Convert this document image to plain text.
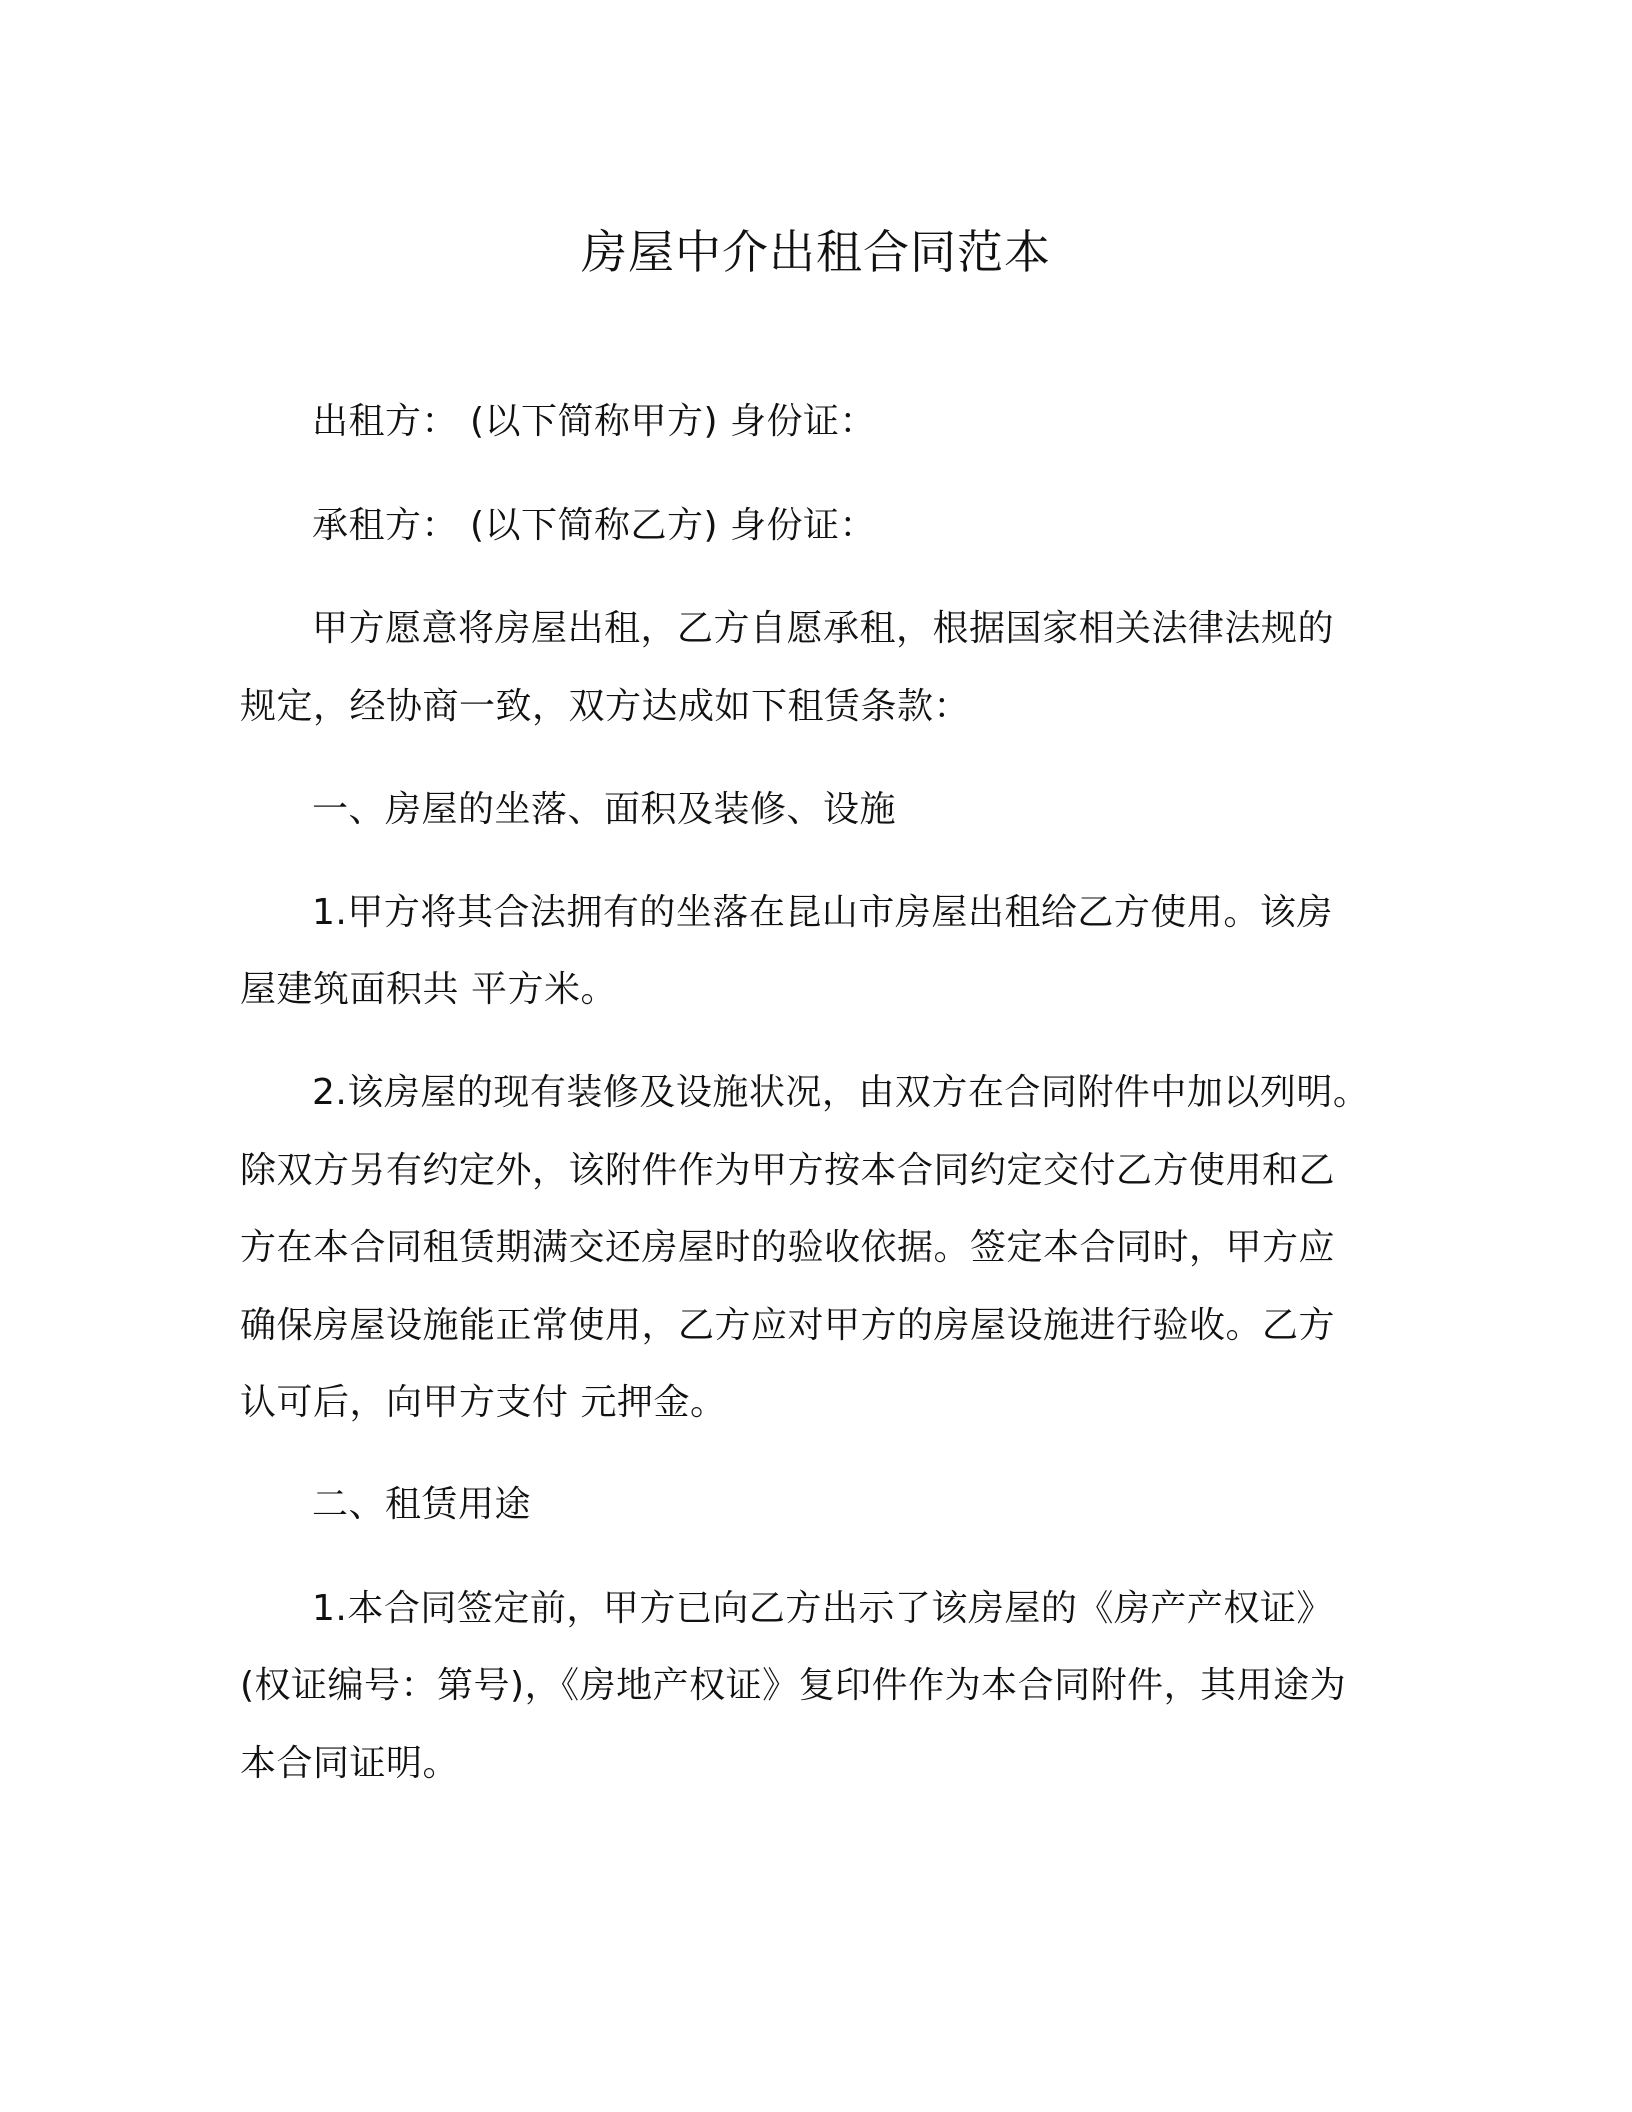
房屋中介出租合同范本
出租方： (以下简称甲方) 身份证：
承租方： (以下简称乙方) 身份证：
甲方愿意将房屋出租，乙方自愿承租，根据国家相关法律法规的
规定，经协商一致，双方达成如下租赁条款：
一、房屋的坐落、面积及装修、设施
1.甲方将其合法拥有的坐落在昆山市房屋出租给乙方使用。该房
屋建筑面积共 平方米。
2.该房屋的现有装修及设施状况，由双方在合同附件中加以列明。
除双方另有约定外，该附件作为甲方按本合同约定交付乙方使用和乙
方在本合同租赁期满交还房屋时的验收依据。签定本合同时，甲方应
确保房屋设施能正常使用，乙方应对甲方的房屋设施进行验收。乙方
认可后，向甲方支付 元押金。
二、租赁用途
1.本合同签定前，甲方已向乙方出示了该房屋的《房产产权证》
(权证编号：第号)，《房地产权证》复印件作为本合同附件，其用途为
本合同证明。
